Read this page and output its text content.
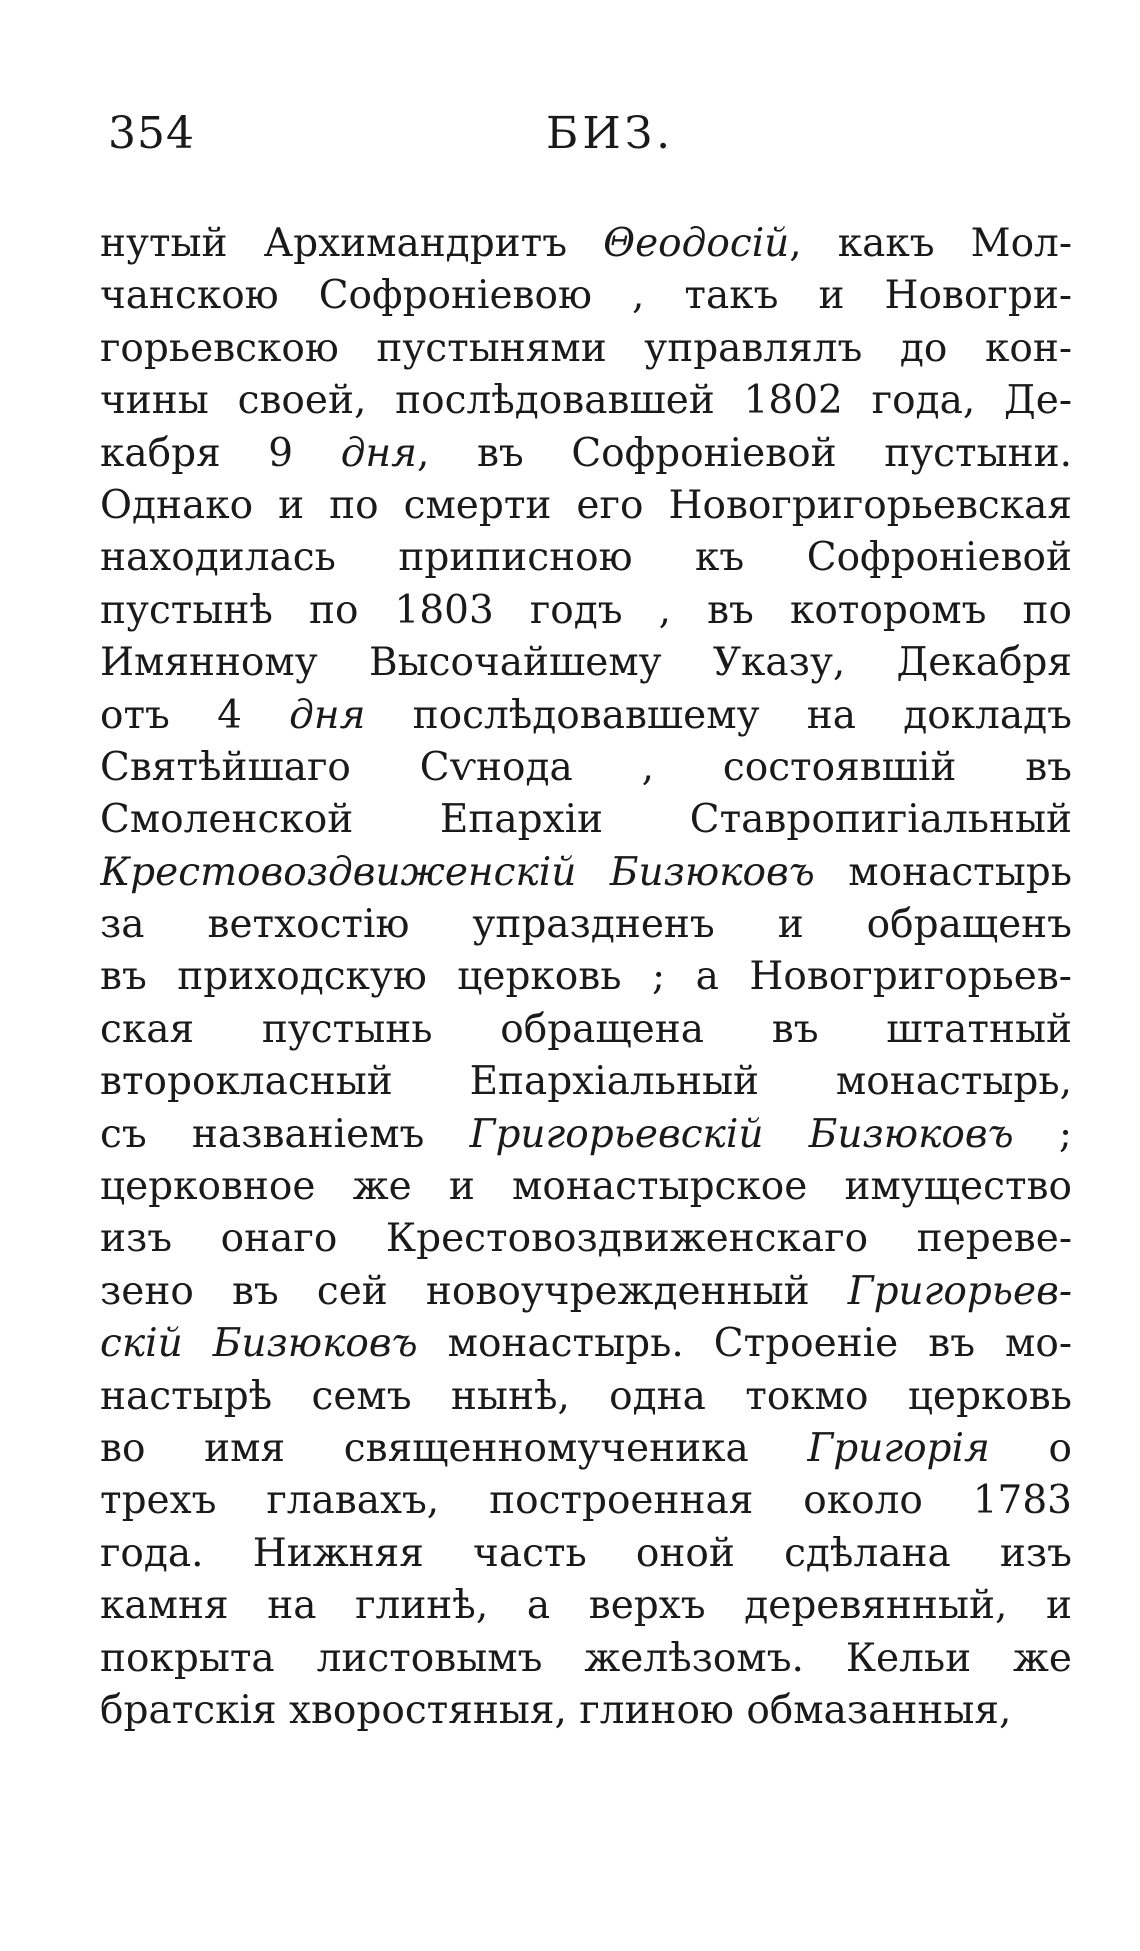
354	БИЗ.
нутый Архимандритъ Θеодосій, какъ Мол-
чанскою Софроніевою , такъ и Новогри-
горьевскою пустынями управлялъ до кон-
чины своей, послѣдовавшей 1802 года, Де-
кабря 9 дня, въ Софроніевой пустыни.
Однако и по смерти его Новогригорьевская
находилась приписною къ Софроніевой
пустынѣ по 1803 годъ , въ которомъ по
Имянному Высочайшему Указу, Декабря
отъ 4 дня послѣдовавшему на докладъ
Святѣйшаго Сѵнода , состоявшій въ
Смоленской Епархіи Ставропигіальный
Крестовоздвиженскій Бизюковъ монастырь
за ветхостію упраздненъ и обращенъ
въ приходскую церковь ; а Новогригорьев-
ская пустынь обращена въ штатный
второкласный Епархіальный монастырь,
съ названіемъ Григорьевскій Бизюковъ ;
церковное же и монастырское имущество
изъ онаго Крестовоздвиженскаго переве-
зено въ сей новоучрежденный Григорьев-
скій Бизюковъ монастырь. Строеніе въ мо-
настырѣ семъ нынѣ, одна токмо церковь
во имя священномученика Григорія о
трехъ главахъ, построенная около 1783
года. Нижняя часть оной сдѣлана изъ
камня на глинѣ, а верхъ деревянный, и
покрыта листовымъ желѣзомъ. Кельи же
братскія хворостяныя, глиною обмазанныя,
